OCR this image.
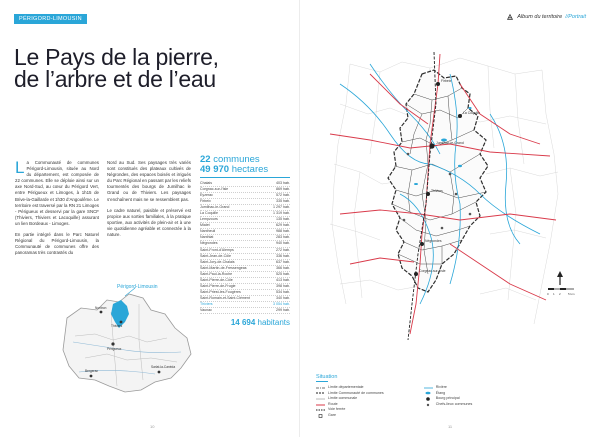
PÉRIGORD-LIMOUSIN
Le Pays de la pierre,
de l’arbre et de l’eau

La Communauté de communes Périgord-Limousin, située au Nord du département, est composée de 22 communes. Elle se déploie ainsi sur un axe Nord-Sud, au cœur du Périgord Vert, entre Périgueux et Limoges, à 1h15 de Brive-la-Gaillarde et 1h30 d’Angoulême. Le territoire est traversé par la RN 21 Limoges - Périgueux et desservi par la gare SNCF (Thiviers, Thiviers et Lacoquille) assurant un lien Bordeaux - Limoges.

En partie intégré dans le Parc Naturel Régional du Périgord-Limousin, la Communauté de communes offre des panoramas très contrastés du

Nord au Sud. Ses paysages très variés sont constitués des plateaux cultivés de Négrondes, des espaces boisés et irrigués du Parc Régional en passant par les reliefs tourmentés des bourgs de Jumilhac le Grand ou de Thiviers. Les paysages s’enchaînent mais ne se ressemblent pas.

Le cadre naturel, paisible et préservé est propice aux sorties familiales, à la pratique sportive, aux activités de plein-air et à une vie quotidienne agréable et connectée à la nature.

22 communes
49 970 hectares
Chalais	403 hab.
Corgnac-sur-l’Isle	869 hab.
Eyzerac	572 hab.
Firbeix	335 hab.
Jumilhac-le-Grand	1 297 hab.
La Coquille	1 319 hab.
Lempzours	135 hab.
Mialet	629 hab.
Nantheuil	988 hab.
Nanthiat	283 hab.
Négrondes	940 hab.
Saint-Front-d’Alemps	272 hab.
Saint-Jean-de-Côle	336 hab.
Saint-Jory-de-Chalais	637 hab.
Saint-Martin-de-Fressengeas	366 hab.
Saint-Paul-la-Roche	525 hab.
Saint-Pierre-de-Côle	413 hab.
Saint-Pierre-de-Frugie	398 hab.
Saint-Priest-les-Fougères	534 hab.
Saint-Romain-et-Saint-Clément	340 hab.
Thiviers	3 054 hab.
Vaunac	299 hab.
14 694 habitants
Périgord-Limousin
Nontron
Thiviers
Périgueux
Bergerac
Sarlat-la-Canéda
10
Album du territoire //Portrait
Firbeix
La Coquille
Jumilhac-le-Grand
Thiviers
Négrondes
Corgnac-sur-l’Isle
0 1 2 5 km
Situation
Limite départementale
Limite Communauté de communes
Limite communale
Route
Voie ferrée
Gare
Rivière
Étang
Bourg principal
Chefs-lieux communes
11
